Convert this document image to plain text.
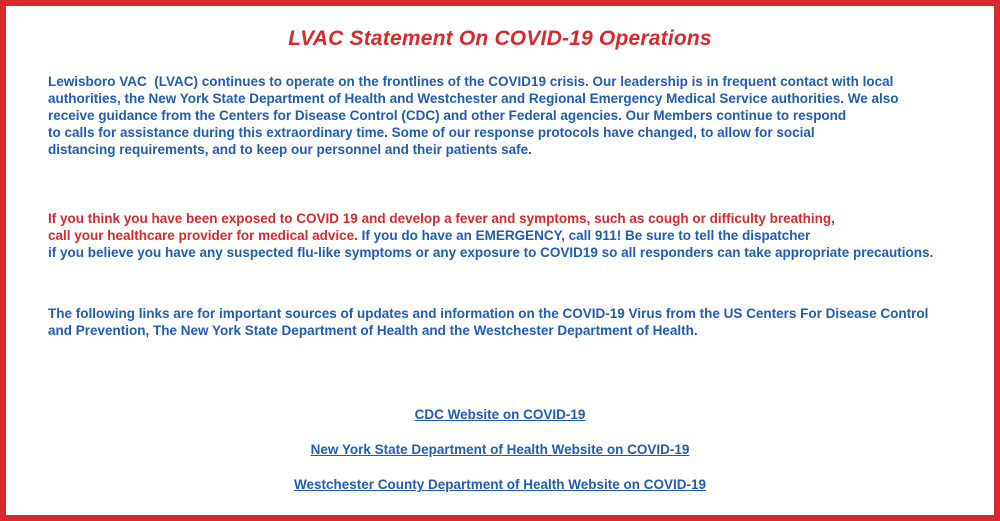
LVAC Statement On COVID-19 Operations
Lewisboro VAC  (LVAC) continues to operate on the frontlines of the COVID19 crisis. Our leadership is in frequent contact with local
authorities, the New York State Department of Health and Westchester and Regional Emergency Medical Service authorities. We also
receive guidance from the Centers for Disease Control (CDC) and other Federal agencies. Our Members continue to respond
to calls for assistance during this extraordinary time. Some of our response protocols have changed, to allow for social
distancing requirements, and to keep our personnel and their patients safe.
If you think you have been exposed to COVID 19 and develop a fever and symptoms, such as cough or difficulty breathing,
call your healthcare provider for medical advice. If you do have an EMERGENCY, call 911! Be sure to tell the dispatcher
if you believe you have any suspected flu-like symptoms or any exposure to COVID19 so all responders can take appropriate precautions.
The following links are for important sources of updates and information on the COVID-19 Virus from the US Centers For Disease Control
and Prevention, The New York State Department of Health and the Westchester Department of Health.
CDC Website on COVID-19
New York State Department of Health Website on COVID-19
Westchester County Department of Health Website on COVID-19
